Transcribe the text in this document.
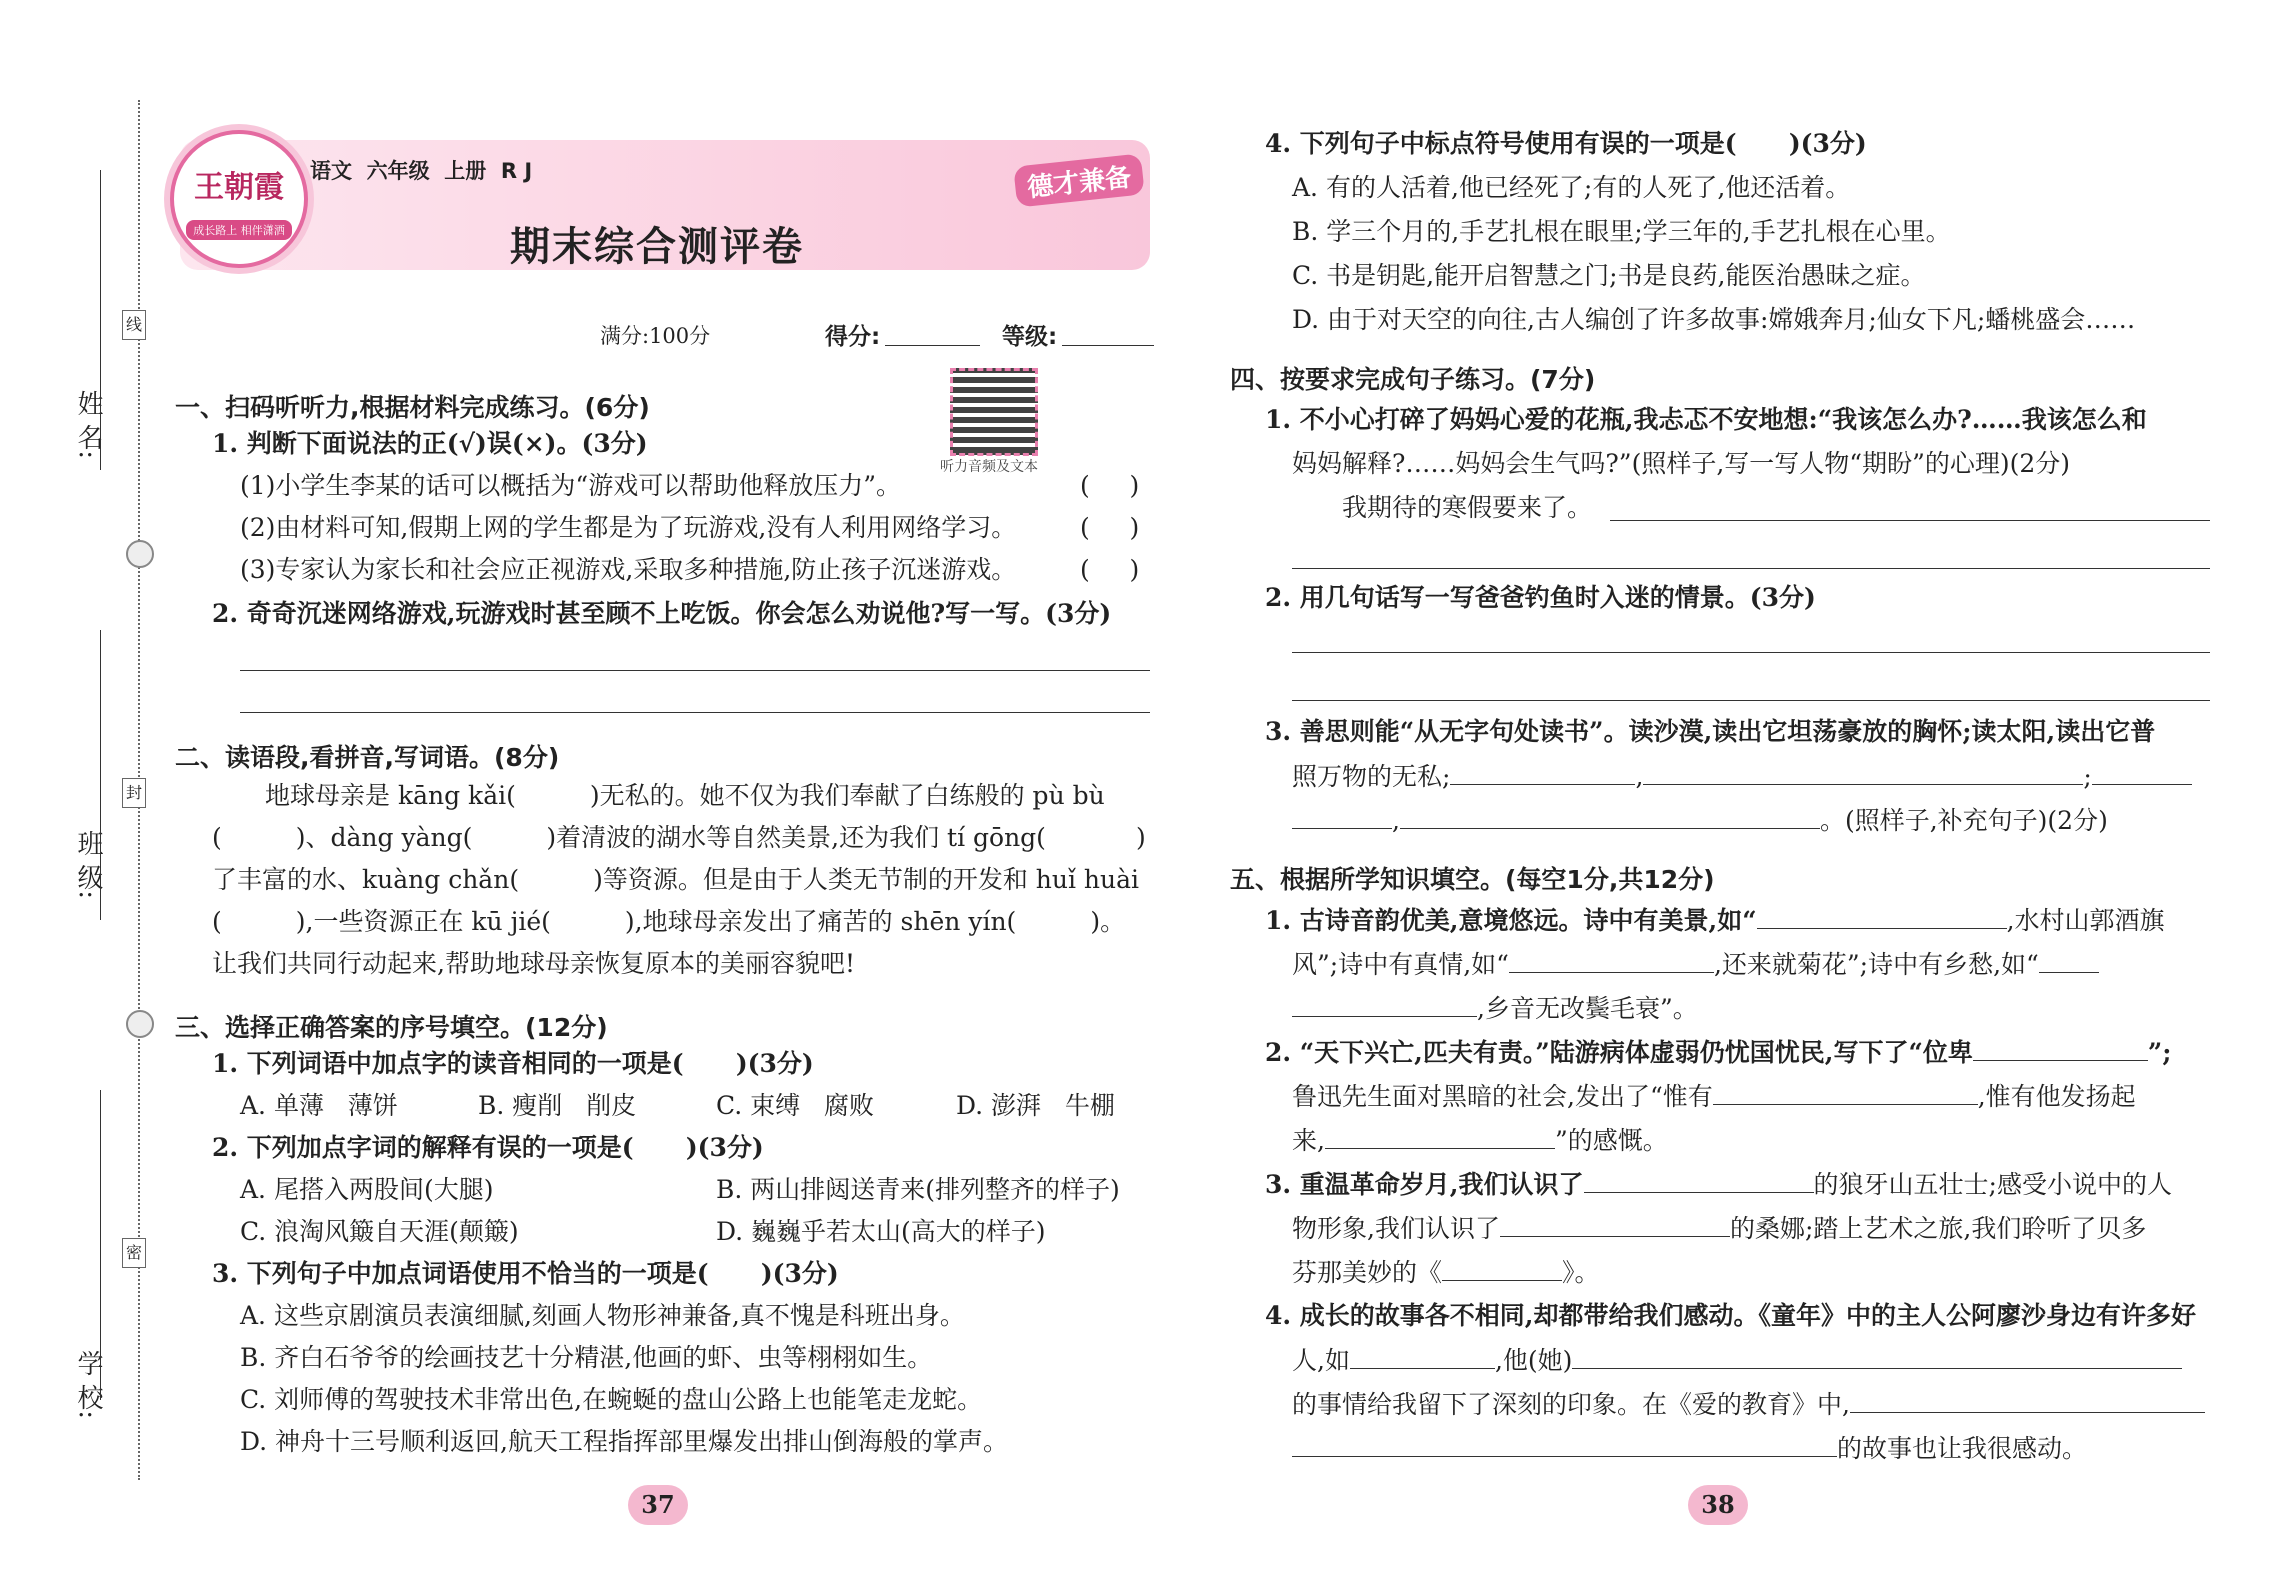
姓 名:
线
班 级:
封
学 校:
密
王朝霞
成长路上 相伴潇洒
语文  六年级  上册  R J
期末综合测评卷
德才兼备
满分:100分	得分:	等级:
听力音频及文本
一、扫码听听力,根据材料完成练习。(6分)
1. 判断下面说法的正(√)误(×)。(3分)
(1)小学生李某的话可以概括为“游戏可以帮助他释放压力”。	(     )
(2)由材料可知,假期上网的学生都是为了玩游戏,没有人利用网络学习。	(     )
(3)专家认为家长和社会应正视游戏,采取多种措施,防止孩子沉迷游戏。	(     )
2. 奇奇沉迷网络游戏,玩游戏时甚至顾不上吃饭。你会怎么劝说他?写一写。(3分)
二、读语段,看拼音,写词语。(8分)
地球母亲是 kāng kǎi(	)无私的。她不仅为我们奉献了白练般的 pù bù
(	)、dàng yàng(	)着清波的湖水等自然美景,还为我们 tí gōng(	)
了丰富的水、kuàng chǎn(	)等资源。但是由于人类无节制的开发和 huǐ huài
(	),一些资源正在 kū jié(	),地球母亲发出了痛苦的 shēn yín(	)。
让我们共同行动起来,帮助地球母亲恢复原本的美丽容貌吧!
三、选择正确答案的序号填空。(12分)
1. 下列词语中加点字的读音相同的一项是(      )(3分)
A. 单薄   薄饼	B. 瘦削   削皮	C. 束缚   腐败	D. 澎湃   牛棚
2. 下列加点字词的解释有误的一项是(      )(3分)
A. 尾搭入两股间(大腿)	B. 两山排闼送青来(排列整齐的样子)
C. 浪淘风簸自天涯(颠簸)	D. 巍巍乎若太山(高大的样子)
3. 下列句子中加点词语使用不恰当的一项是(      )(3分)
A. 这些京剧演员表演细腻,刻画人物形神兼备,真不愧是科班出身。
B. 齐白石爷爷的绘画技艺十分精湛,他画的虾、虫等栩栩如生。
C. 刘师傅的驾驶技术非常出色,在蜿蜒的盘山公路上也能笔走龙蛇。
D. 神舟十三号顺利返回,航天工程指挥部里爆发出排山倒海般的掌声。
37
4. 下列句子中标点符号使用有误的一项是(      )(3分)
A. 有的人活着,他已经死了;有的人死了,他还活着。
B. 学三个月的,手艺扎根在眼里;学三年的,手艺扎根在心里。
C. 书是钥匙,能开启智慧之门;书是良药,能医治愚昧之症。
D. 由于对天空的向往,古人编创了许多故事:嫦娥奔月;仙女下凡;蟠桃盛会……
四、按要求完成句子练习。(7分)
1. 不小心打碎了妈妈心爱的花瓶,我忐忑不安地想:“我该怎么办?……我该怎么和
妈妈解释?……妈妈会生气吗?”(照样子,写一写人物“期盼”的心理)(2分)
我期待的寒假要来了。
2. 用几句话写一写爸爸钓鱼时入迷的情景。(3分)
3. 善思则能“从无字句处读书”。读沙漠,读出它坦荡豪放的胸怀;读太阳,读出它普
照万物的无私;	,	;
,	。(照样子,补充句子)(2分)
五、根据所学知识填空。(每空1分,共12分)
1. 古诗音韵优美,意境悠远。诗中有美景,如“	,水村山郭酒旗
风”;诗中有真情,如“	,还来就菊花”;诗中有乡愁,如“
,乡音无改鬓毛衰”。
2. “天下兴亡,匹夫有责。”陆游病体虚弱仍忧国忧民,写下了“位卑	”;
鲁迅先生面对黑暗的社会,发出了“惟有	,惟有他发扬起
来,	”的感慨。
3. 重温革命岁月,我们认识了	的狼牙山五壮士;感受小说中的人
物形象,我们认识了	的桑娜;踏上艺术之旅,我们聆听了贝多
芬那美妙的《	》。
4. 成长的故事各不相同,却都带给我们感动。《童年》中的主人公阿廖沙身边有许多好
人,如	,他(她)
的事情给我留下了深刻的印象。在《爱的教育》中,
的故事也让我很感动。
38
